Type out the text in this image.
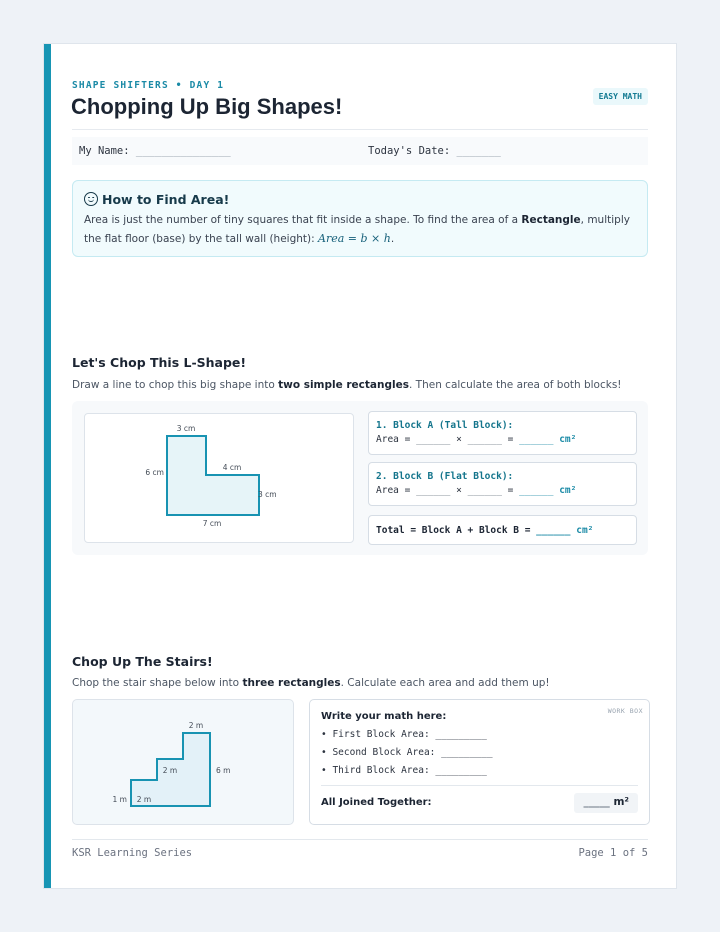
SHAPE SHIFTERS • DAY 1
Chopping Up Big Shapes!	EASY MATH
My Name: _______________	Today's Date: _______
How to Find Area!
Area is just the number of tiny squares that fit inside a shape. To find the area of a Rectangle, multiply the flat floor (base) by the tall wall (height): Area = b × h.
Let's Chop This L-Shape!
Draw a line to chop this big shape into two simple rectangles. Then calculate the area of both blocks!
3 cm
6 cm
4 cm
3 cm
7 cm
1. Block A (Tall Block):
Area = ______ × ______ = ______ cm²
2. Block B (Flat Block):
Area = ______ × ______ = ______ cm²
Total = Block A + Block B = ______ cm²
Chop Up The Stairs!
Chop the stair shape below into three rectangles. Calculate each area and add them up!
2 m
6 m
2 m
2 m
1 m
WORK BOX
Write your math here:
• First Block Area: _________
• Second Block Area: _________
• Third Block Area: _________
All Joined Together:	_____ m²
KSR Learning Series	Page 1 of 5
